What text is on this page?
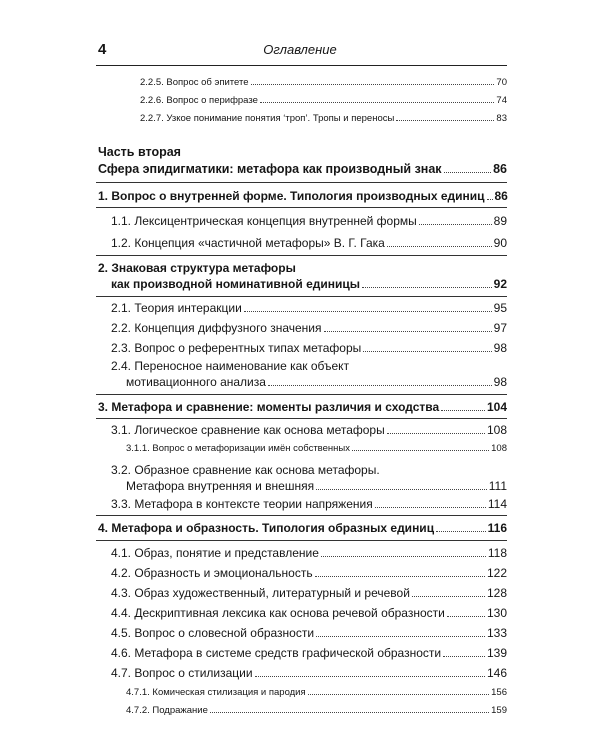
4	Оглавление
2.2.5. Вопрос об эпитете	70
2.2.6. Вопрос о перифразе	74
2.2.7. Узкое понимание понятия ‘троп’. Тропы и переносы	83
Часть вторая
Сфера эпидигматики: метафора как производный знак	86
1. Вопрос о внутренней форме. Типология производных единиц 86
1.1. Лексицентрическая концепция внутренней формы	89
1.2. Концепция «частичной метафоры» В. Г. Гака	90
2. Знаковая структура метафоры
как производной номинативной единицы	92
2.1. Теория интеракции	95
2.2. Концепция диффузного значения	97
2.3. Вопрос о референтных типах метафоры	98
2.4. Переносное наименование как объект
мотивационного анализа	98
3. Метафора и сравнение: моменты различия и сходства	104
3.1. Логическое сравнение как основа метафоры	108
3.1.1. Вопрос о метафоризации имён собственных	108
3.2. Образное сравнение как основа метафоры.
Метафора внутренняя и внешняя	111
3.3. Метафора в контексте теории напряжения	114
4. Метафора и образность. Типология образных единиц	116
4.1. Образ, понятие и представление	118
4.2. Образность и эмоциональность	122
4.3. Образ художественный, литературный и речевой	128
4.4. Дескриптивная лексика как основа речевой образности	130
4.5. Вопрос о словесной образности	133
4.6. Метафора в системе средств графической образности	139
4.7. Вопрос о стилизации	146
4.7.1. Комическая стилизация и пародия	156
4.7.2. Подражание	159
